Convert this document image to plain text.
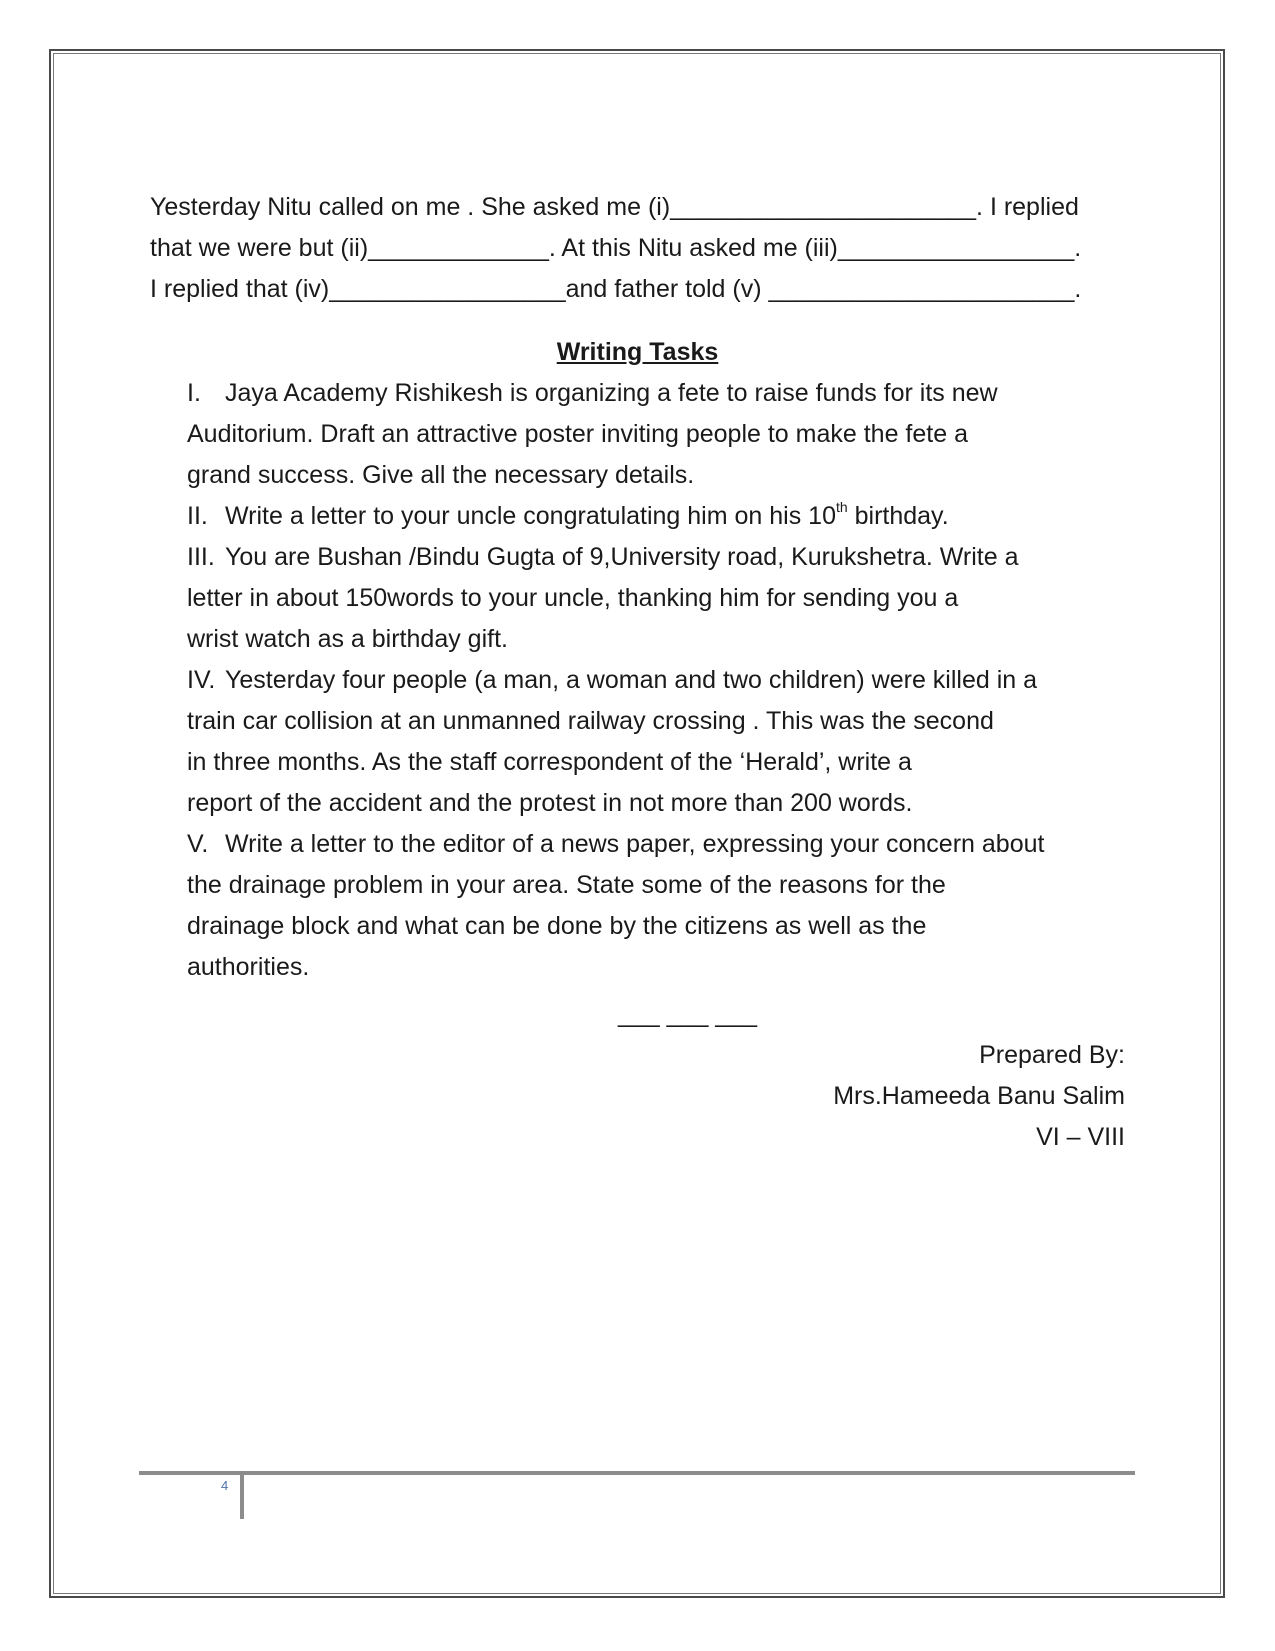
Yesterday Nitu called on me . She asked me (i)______________________. I replied
that we were but (ii)_____________. At this Nitu asked me (iii)_________________.
I replied that (iv)_________________and father told (v) ______________________.

Writing Tasks
I. Jaya Academy Rishikesh is organizing a fete to raise funds for its new
Auditorium. Draft an attractive poster inviting people to make the fete a
grand success. Give all the necessary details.
II. Write a letter to your uncle congratulating him on his 10th birthday.
III. You are Bushan /Bindu Gugta of 9,University road, Kurukshetra. Write a
letter in about 150words to your uncle, thanking him for sending you a
wrist watch as a birthday gift.
IV. Yesterday four people (a man, a woman and two children) were killed in a
train car collision at an unmanned railway crossing . This was the second
in three months. As the staff correspondent of the ‘Herald’, write a
report of the accident and the protest in not more than 200 words.
V. Write a letter to the editor of a news paper, expressing your concern about
the drainage problem in your area. State some of the reasons for the
drainage block and what can be done by the citizens as well as the
authorities.
___ ___ ___
Prepared By:
Mrs.Hameeda Banu Salim
VI – VIII
4
